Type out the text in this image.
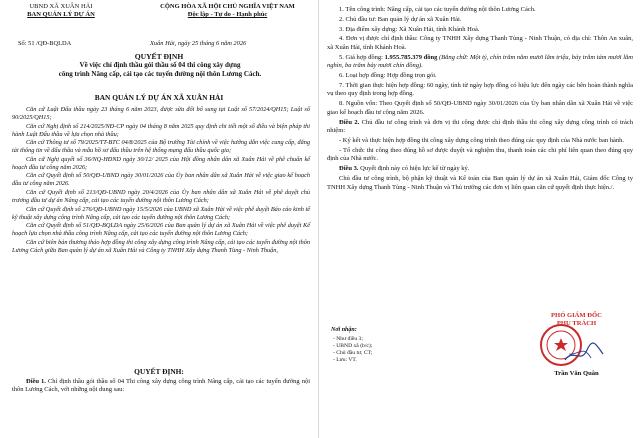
UBND XÃ XUÂN HẢI
BAN QUẢN LÝ DỰ ÁN
CỘNG HÒA XÃ HỘI CHỦ NGHĨA VIỆT NAM
Độc lập - Tự do - Hạnh phúc
Số: 51 /QĐ-BQLDA	Xuân Hải, ngày 25 tháng 6 năm 2026
QUYẾT ĐỊNH
Về việc chỉ định thầu gói thầu số 04 thi công xây dựng
công trình Nâng cấp, cải tạo các tuyến đường nội thôn Lương Cách.
BAN QUẢN LÝ DỰ ÁN XÃ XUÂN HẢI

Căn cứ Luật Đấu thầu ngày 23 tháng 6 năm 2023, được sửa đổi bổ sung tại Luật số 57/2024/QH15; Luật số 90/2025/QH15;

Căn cứ Nghị định số 214/2025/NĐ-CP ngày 04 tháng 8 năm 2025 quy định chi tiết một số điều và biện pháp thi hành Luật Đấu thầu về lựa chọn nhà thầu;

Căn cứ Thông tư số 79/2025/TT-BTC 04/8/2025 của Bộ trưởng Tài chính về việc hướng dẫn việc cung cấp, đăng tải thông tin về đấu thầu và mẫu hồ sơ đấu thầu trên hệ thống mạng đấu thầu quốc gia;

Căn cứ Nghị quyết số 36/NQ-HĐND ngày 30/12/ 2025 của Hội đồng nhân dân xã Xuân Hải về phê chuẩn kế hoạch đầu tư công năm 2026;

Căn cứ Quyết định số 50/QĐ-UBND ngày 30/01/2026 của Ủy ban nhân dân xã Xuân Hải về việc giao kế hoạch đầu tư công năm 2026.

Căn cứ Quyết định số 213/QĐ-UBND ngày 20/4/2026 của Ủy ban nhân dân xã Xuân Hải về phê duyệt chủ trương đầu tư dự án Nâng cấp, cải tạo các tuyến đường nội thôn Lương Cách;

Căn cứ Quyết định số 276/QĐ-UBND ngày 15/5/2026 của UBND xã Xuân Hải về việc phê duyệt Báo cáo kinh tế kỹ thuật xây dựng công trình Nâng cấp, cải tạo các tuyến đường nội thôn Lương Cách;

Căn cứ Quyết định số 51/QĐ-BQLDA ngày 25/6/2026 của Ban quản lý dự án xã Xuân Hải về việc phê duyệt Kế hoạch lựa chọn nhà thầu công trình Nâng cấp, cải tạo các tuyến đường nội thôn Lương Cách;

Căn cứ biên bản thương thảo hợp đồng thi công xây dựng công trình Nâng cấp, cải tạo các tuyến đường nội thôn Lương Cách giữa Ban quản lý dự án xã Xuân Hải và Công ty TNHH Xây dựng Thanh Tùng - Ninh Thuận,

QUYẾT ĐỊNH:

Điều 1. Chỉ định thầu gói thầu số 04 Thi công xây dựng công trình Nâng cấp, cải tạo các tuyến đường nội thôn Lương Cách, với những nội dung sau:

1. Tên công trình: Nâng cấp, cải tạo các tuyến đường nội thôn Lương Cách.

2. Chủ đầu tư: Ban quản lý dự án xã Xuân Hải.

3. Địa điểm xây dựng: Xã Xuân Hải, tỉnh Khánh Hoà.

4. Đơn vị được chỉ định thầu: Công ty TNHH Xây dựng Thanh Tùng - Ninh Thuận, có địa chỉ: Thôn An xuân, xã Xuân Hải, tỉnh Khánh Hoà.

5. Giá hợp đồng: 1.955.785.379 đồng (Bằng chữ: Một tỷ, chín trăm năm mươi lăm triệu, bảy trăm tám mươi lăm nghìn, ba trăm bảy mươi chín đồng).

6. Loại hợp đồng: Hợp đồng trọn gói.

7. Thời gian thực hiện hợp đồng: 60 ngày, tính từ ngày hợp đồng có hiệu lực đến ngày các bên hoàn thành nghĩa vụ theo quy định trong hợp đồng.

8. Nguồn vốn: Theo Quyết định số 50/QĐ-UBND ngày 30/01/2026 của Ủy ban nhân dân xã Xuân Hải về việc giao kế hoạch đầu tư công năm 2026.

Điều 2. Chủ đầu tư công trình và đơn vị thi công được chỉ định thầu thi công xây dựng công trình có trách nhiệm:

- Ký kết và thực hiện hợp đồng thi công xây dựng công trình theo đúng các quy định của Nhà nước ban hành.

- Tổ chức thi công theo đúng hồ sơ được duyệt và nghiệm thu, thanh toán các chi phí liên quan theo đúng quy định của Nhà nước.

Điều 3. Quyết định này có hiệu lực kể từ ngày ký.

Chủ đầu tư công trình, bộ phận kỹ thuật và Kế toán của Ban quản lý dự án xã Xuân Hải, Giám đốc Công ty TNHH Xây dựng Thanh Tùng - Ninh Thuận và Thủ trưởng các đơn vị liên quan căn cứ quyết định thực hiện./.

Nơi nhận:
- Như điều 3;
- UBND xã (b/c);
- Chủ đầu tư, CT;
- Lưu: VT.
PHÓ GIÁM ĐỐC
PHỤ TRÁCH
Trần Văn Quân
